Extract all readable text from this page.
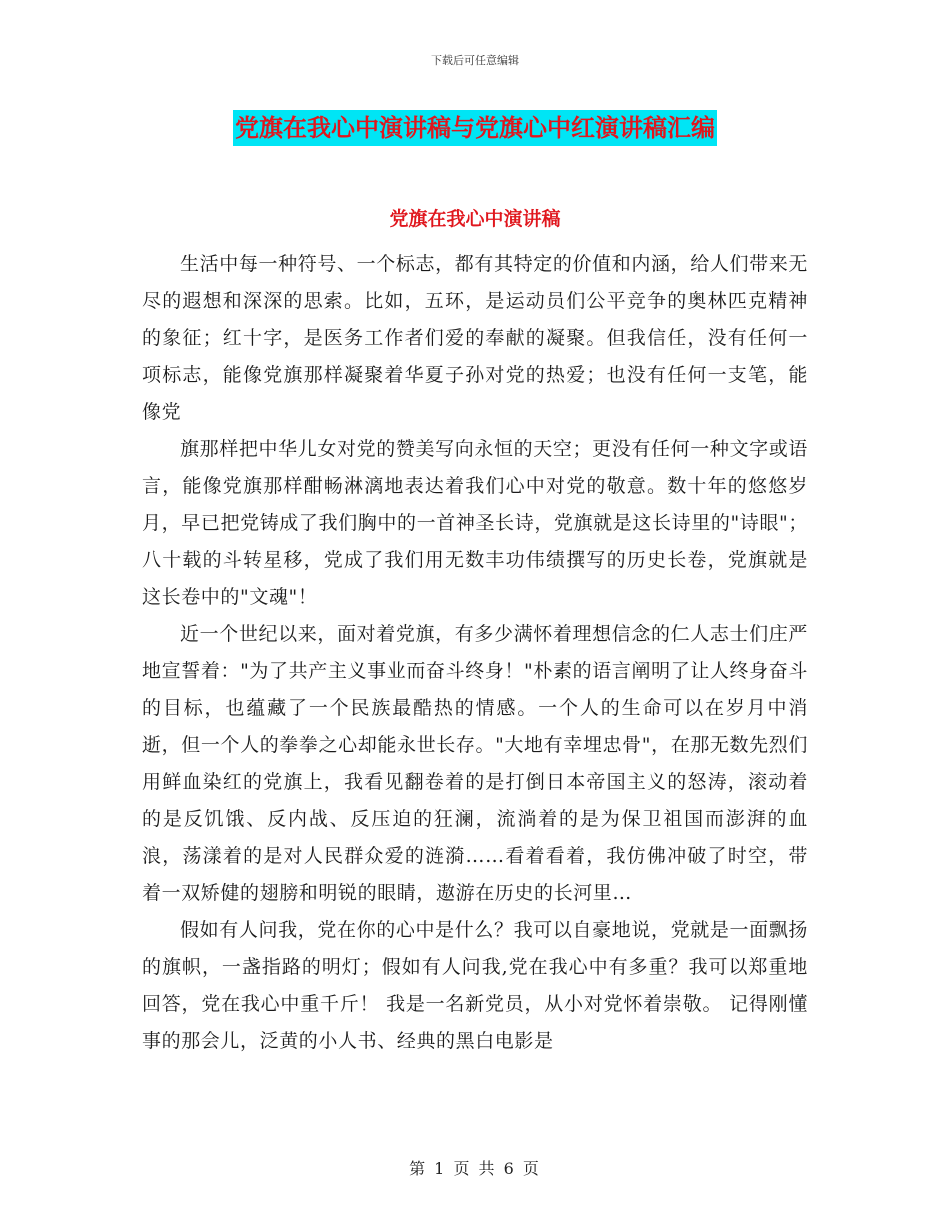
下载后可任意编辑
党旗在我心中演讲稿与党旗心中红演讲稿汇编
党旗在我心中演讲稿

生活中每一种符号、一个标志，都有其特定的价值和内涵，给人们带来无尽的遐想和深深的思索。比如，五环，是运动员们公平竞争的奥林匹克精神的象征；红十字，是医务工作者们爱的奉献的凝聚。但我信任，没有任何一项标志，能像党旗那样凝聚着华夏子孙对党的热爱；也没有任何一支笔，能像党

旗那样把中华儿女对党的赞美写向永恒的天空；更没有任何一种文字或语言，能像党旗那样酣畅淋漓地表达着我们心中对党的敬意。数十年的悠悠岁月，早已把党铸成了我们胸中的一首神圣长诗，党旗就是这长诗里的"诗眼"；八十载的斗转星移，党成了我们用无数丰功伟绩撰写的历史长卷，党旗就是这长卷中的"文魂"！

近一个世纪以来，面对着党旗，有多少满怀着理想信念的仁人志士们庄严地宣誓着："为了共产主义事业而奋斗终身！"朴素的语言阐明了让人终身奋斗的目标，也蕴藏了一个民族最酷热的情感。一个人的生命可以在岁月中消逝，但一个人的拳拳之心却能永世长存。"大地有幸埋忠骨"，在那无数先烈们用鲜血染红的党旗上，我看见翻卷着的是打倒日本帝国主义的怒涛，滚动着的是反饥饿、反内战、反压迫的狂澜，流淌着的是为保卫祖国而澎湃的血浪，荡漾着的是对人民群众爱的涟漪……看着看着，我仿佛冲破了时空，带着一双矫健的翅膀和明锐的眼睛，遨游在历史的长河里…

假如有人问我，党在你的心中是什么？我可以自豪地说，党就是一面飘扬的旗帜，一盏指路的明灯；假如有人问我,党在我心中有多重？我可以郑重地回答，党在我心中重千斤！ 我是一名新党员，从小对党怀着崇敬。 记得刚懂事的那会儿，泛黄的小人书、经典的黑白电影是

第 1 页 共 6 页
